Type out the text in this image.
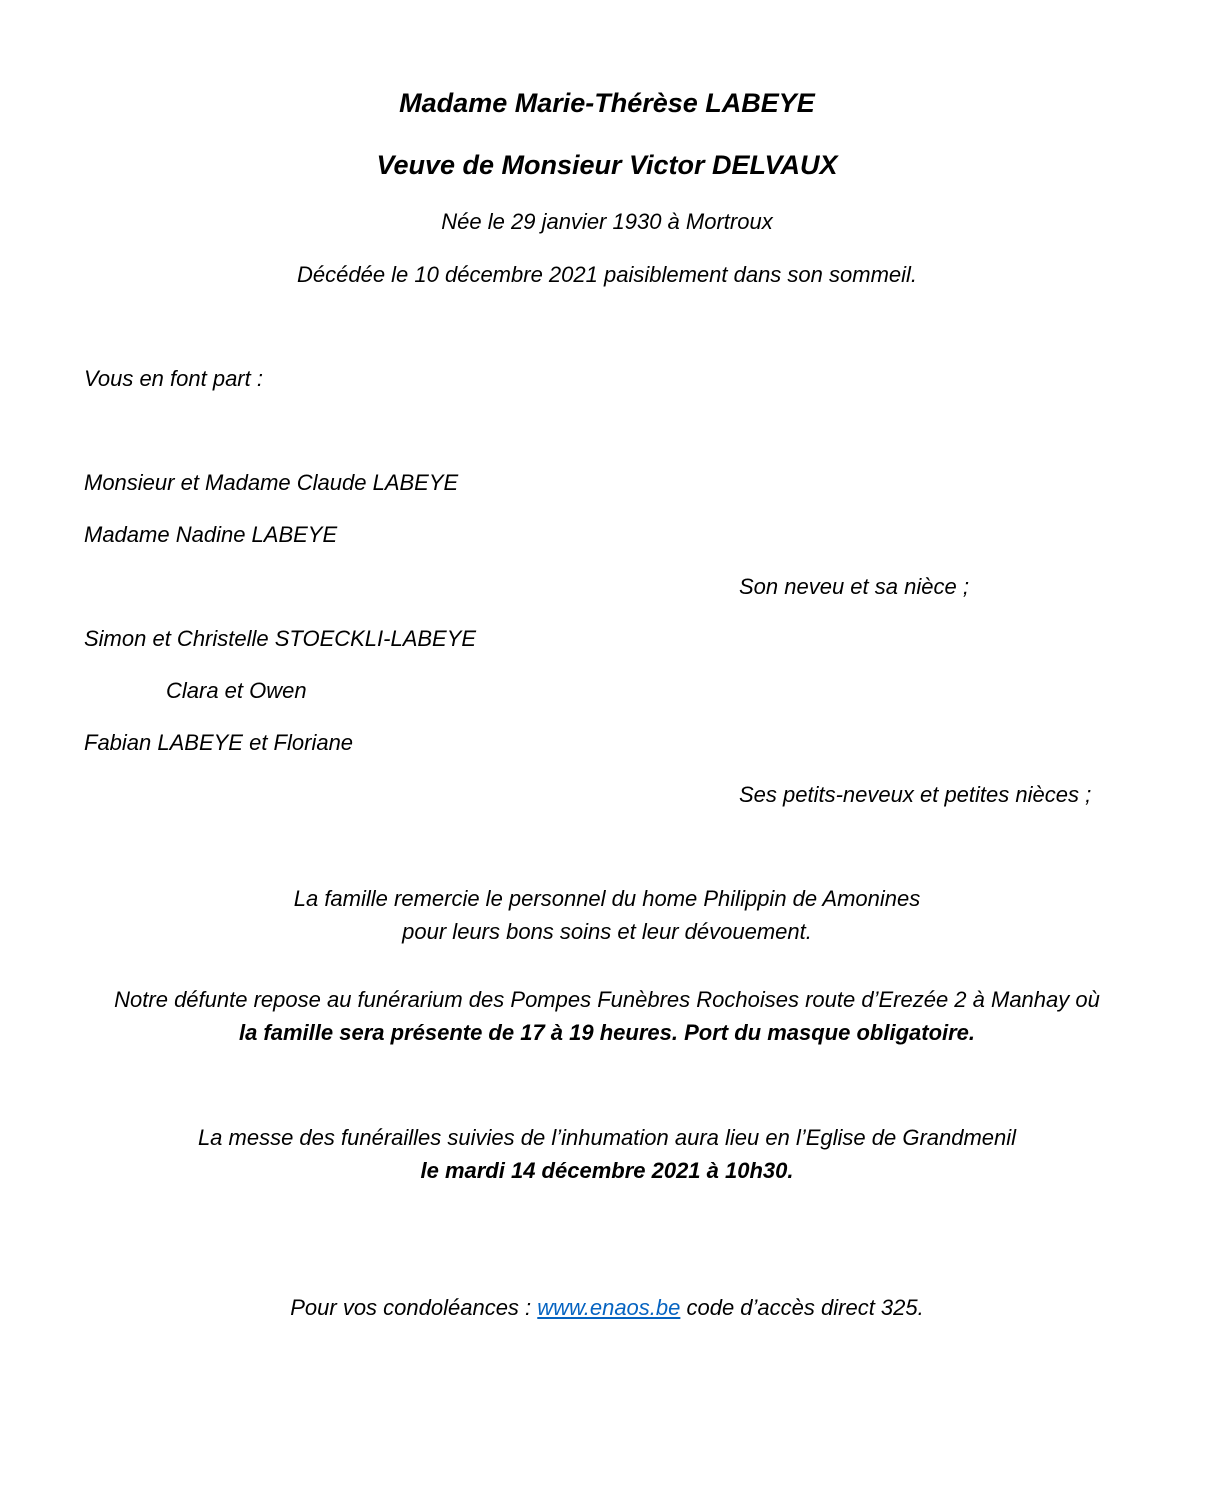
Madame Marie-Thérèse LABEYE

Veuve de Monsieur Victor DELVAUX

Née le 29 janvier 1930 à Mortroux

Décédée le 10 décembre 2021 paisiblement dans son sommeil.

Vous en font part :

Monsieur et Madame Claude LABEYE

Madame Nadine LABEYE

Son neveu et sa nièce ;

Simon et Christelle STOECKLI-LABEYE

Clara et Owen

Fabian LABEYE et Floriane

Ses petits-neveux et petites nièces ;

La famille remercie le personnel du home Philippin de Amonines

pour leurs bons soins et leur dévouement.

Notre défunte repose au funérarium des Pompes Funèbres Rochoises route d’Erezée 2 à Manhay où

la famille sera présente de 17 à 19 heures. Port du masque obligatoire.

La messe des funérailles suivies de l’inhumation aura lieu en l’Eglise de Grandmenil

le mardi 14 décembre 2021 à 10h30.

Pour vos condoléances : www.enaos.be code d’accès direct 325.
